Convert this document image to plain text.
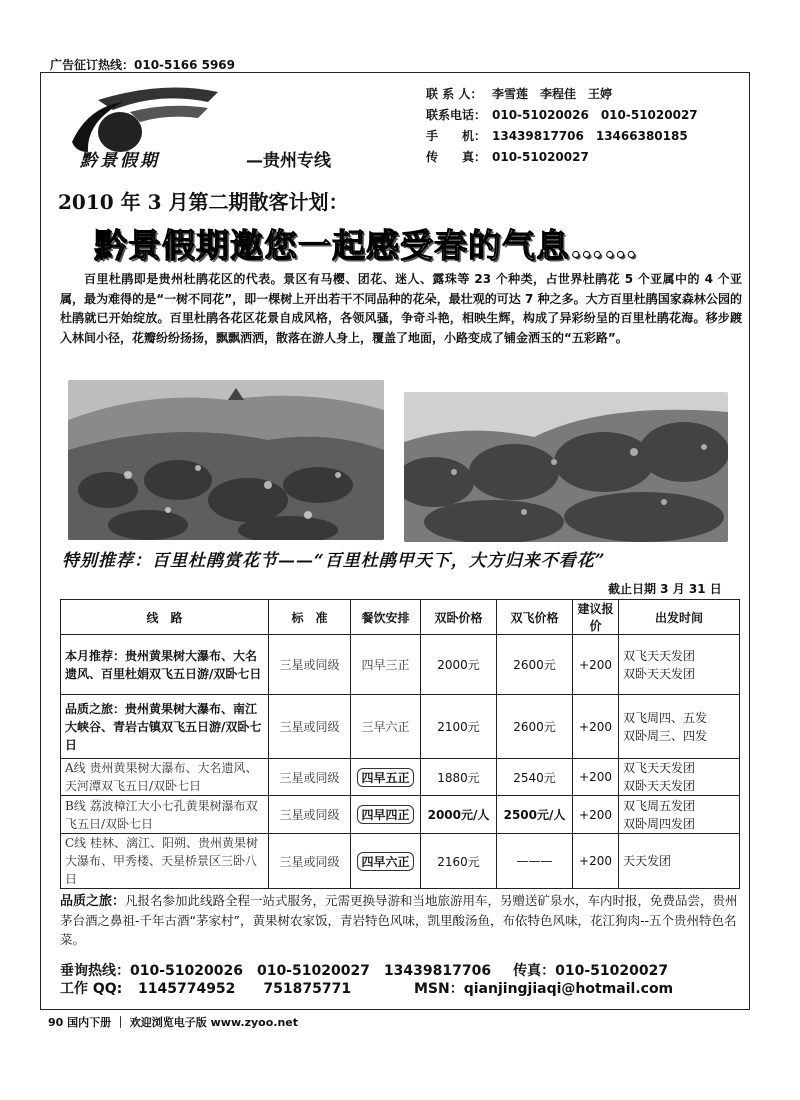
广告征订热线：010-5166 5969
黔景假期	—贵州专线
联 系 人： 李雪莲　李程佳　王婷
联系电话： 010-51020026　010-51020027
手　　机： 13439817706　13466380185
传　　真： 010-51020027
2010 年 3 月第二期散客计划：
黔景假期邀您一起感受春的气息……
百里杜鹃即是贵州杜鹃花区的代表。景区有马樱、团花、迷人、露珠等 23 个种类，占世界杜鹃花 5 个亚属中的 4 个亚属，最为难得的是“一树不同花”，即一棵树上开出若干不同品种的花朵，最壮观的可达 7 种之多。大方百里杜鹃国家森林公园的杜鹃就已开始绽放。百里杜鹃各花区花景自成风格，各领风骚，争奇斗艳，相映生辉，构成了异彩纷呈的百里杜鹃花海。移步踱入林间小径，花瓣纷纷扬扬，飘飘洒洒，散落在游人身上，覆盖了地面，小路变成了铺金洒玉的“五彩路”。
特别推荐：百里杜鹃赏花节——“百里杜鹃甲天下，大方归来不看花”
截止日期 3 月 31 日
线　路	标　准	餐饮安排	双卧价格	双飞价格	建议报价	出发时间
本月推荐：贵州黄果树大瀑布、大名遗风、百里杜娟双飞五日游/双卧七日	三星或同级	四早三正	2000元	2600元	+200	双飞天天发团
双卧天天发团

品质之旅：贵州黄果树大瀑布、南江大峡谷、青岩古镇双飞五日游/双卧七日	三星或同级	三早六正	2100元	2600元	+200	双飞周四、五发
双卧周三、四发

A线 贵州黄果树大瀑布、大名遗风、天河潭双飞五日/双卧七日	三星或同级	四早五正	1880元	2540元	+200	双飞天天发团
双卧天天发团

B线 荔波樟江大小七孔黄果树瀑布双飞五日/双卧七日	三星或同级	四早四正	2000元/人	2500元/人	+200	双飞周五发团
双卧周四发团

C线 桂林、漓江、阳朔、贵州黄果树大瀑布、甲秀楼、天星桥景区三卧八日	三星或同级	四早六正	2160元	———	+200	天天发团
品质之旅：凡报名参加此线路全程一站式服务，元需更换导游和当地旅游用车，另赠送矿泉水，车内时报，免费品尝，贵州茅台酒之鼻祖-千年古酒“茅家村”，黄果树农家饭，青岩特色风味，凯里酸汤鱼，布依特色风味，花江狗肉--五个贵州特色名菜。
垂询热线： 010-51020026　010-51020027　13439817706 传真：010-51020027
工作 QQ:	1145774952　　751875771	MSN：qianjingjiaqi@hotmail.com
90 国内下册 ｜ 欢迎浏览电子版 www.zyoo.net
